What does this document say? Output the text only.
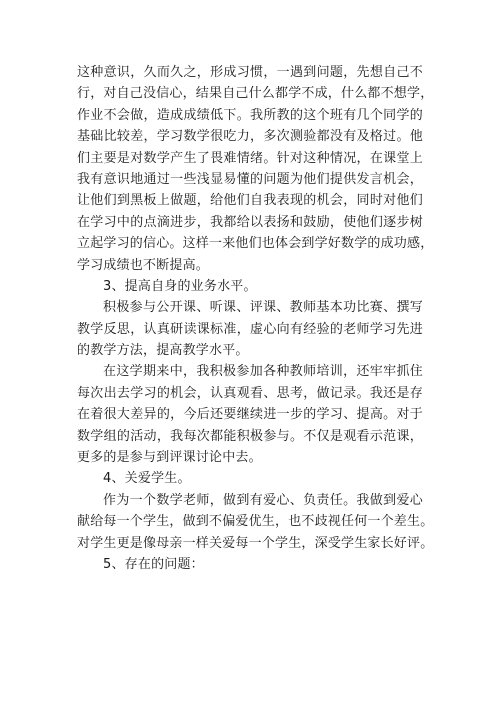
这种意识，久而久之，形成习惯，一遇到问题，先想自己不
行，对自己没信心，结果自己什么都学不成，什么都不想学，
作业不会做，造成成绩低下。我所教的这个班有几个同学的
基础比较差，学习数学很吃力，多次测验都没有及格过。他
们主要是对数学产生了畏难情绪。针对这种情况，在课堂上
我有意识地通过一些浅显易懂的问题为他们提供发言机会，
让他们到黑板上做题，给他们自我表现的机会，同时对他们
在学习中的点滴进步，我都给以表扬和鼓励，使他们逐步树
立起学习的信心。这样一来他们也体会到学好数学的成功感，
学习成绩也不断提高。
3、提高自身的业务水平。
积极参与公开课、听课、评课、教师基本功比赛、撰写
教学反思，认真研读课标准，虚心向有经验的老师学习先进
的教学方法，提高教学水平。
在这学期来中，我积极参加各种教师培训，还牢牢抓住
每次出去学习的机会，认真观看、思考，做记录。我还是存
在着很大差异的，今后还要继续进一步的学习、提高。对于
数学组的活动，我每次都能积极参与。不仅是观看示范课，
更多的是参与到评课讨论中去。
4、关爱学生。
作为一个数学老师，做到有爱心、负责任。我做到爱心
献给每一个学生，做到不偏爱优生，也不歧视任何一个差生。
对学生更是像母亲一样关爱每一个学生，深受学生家长好评。
5、存在的问题：
